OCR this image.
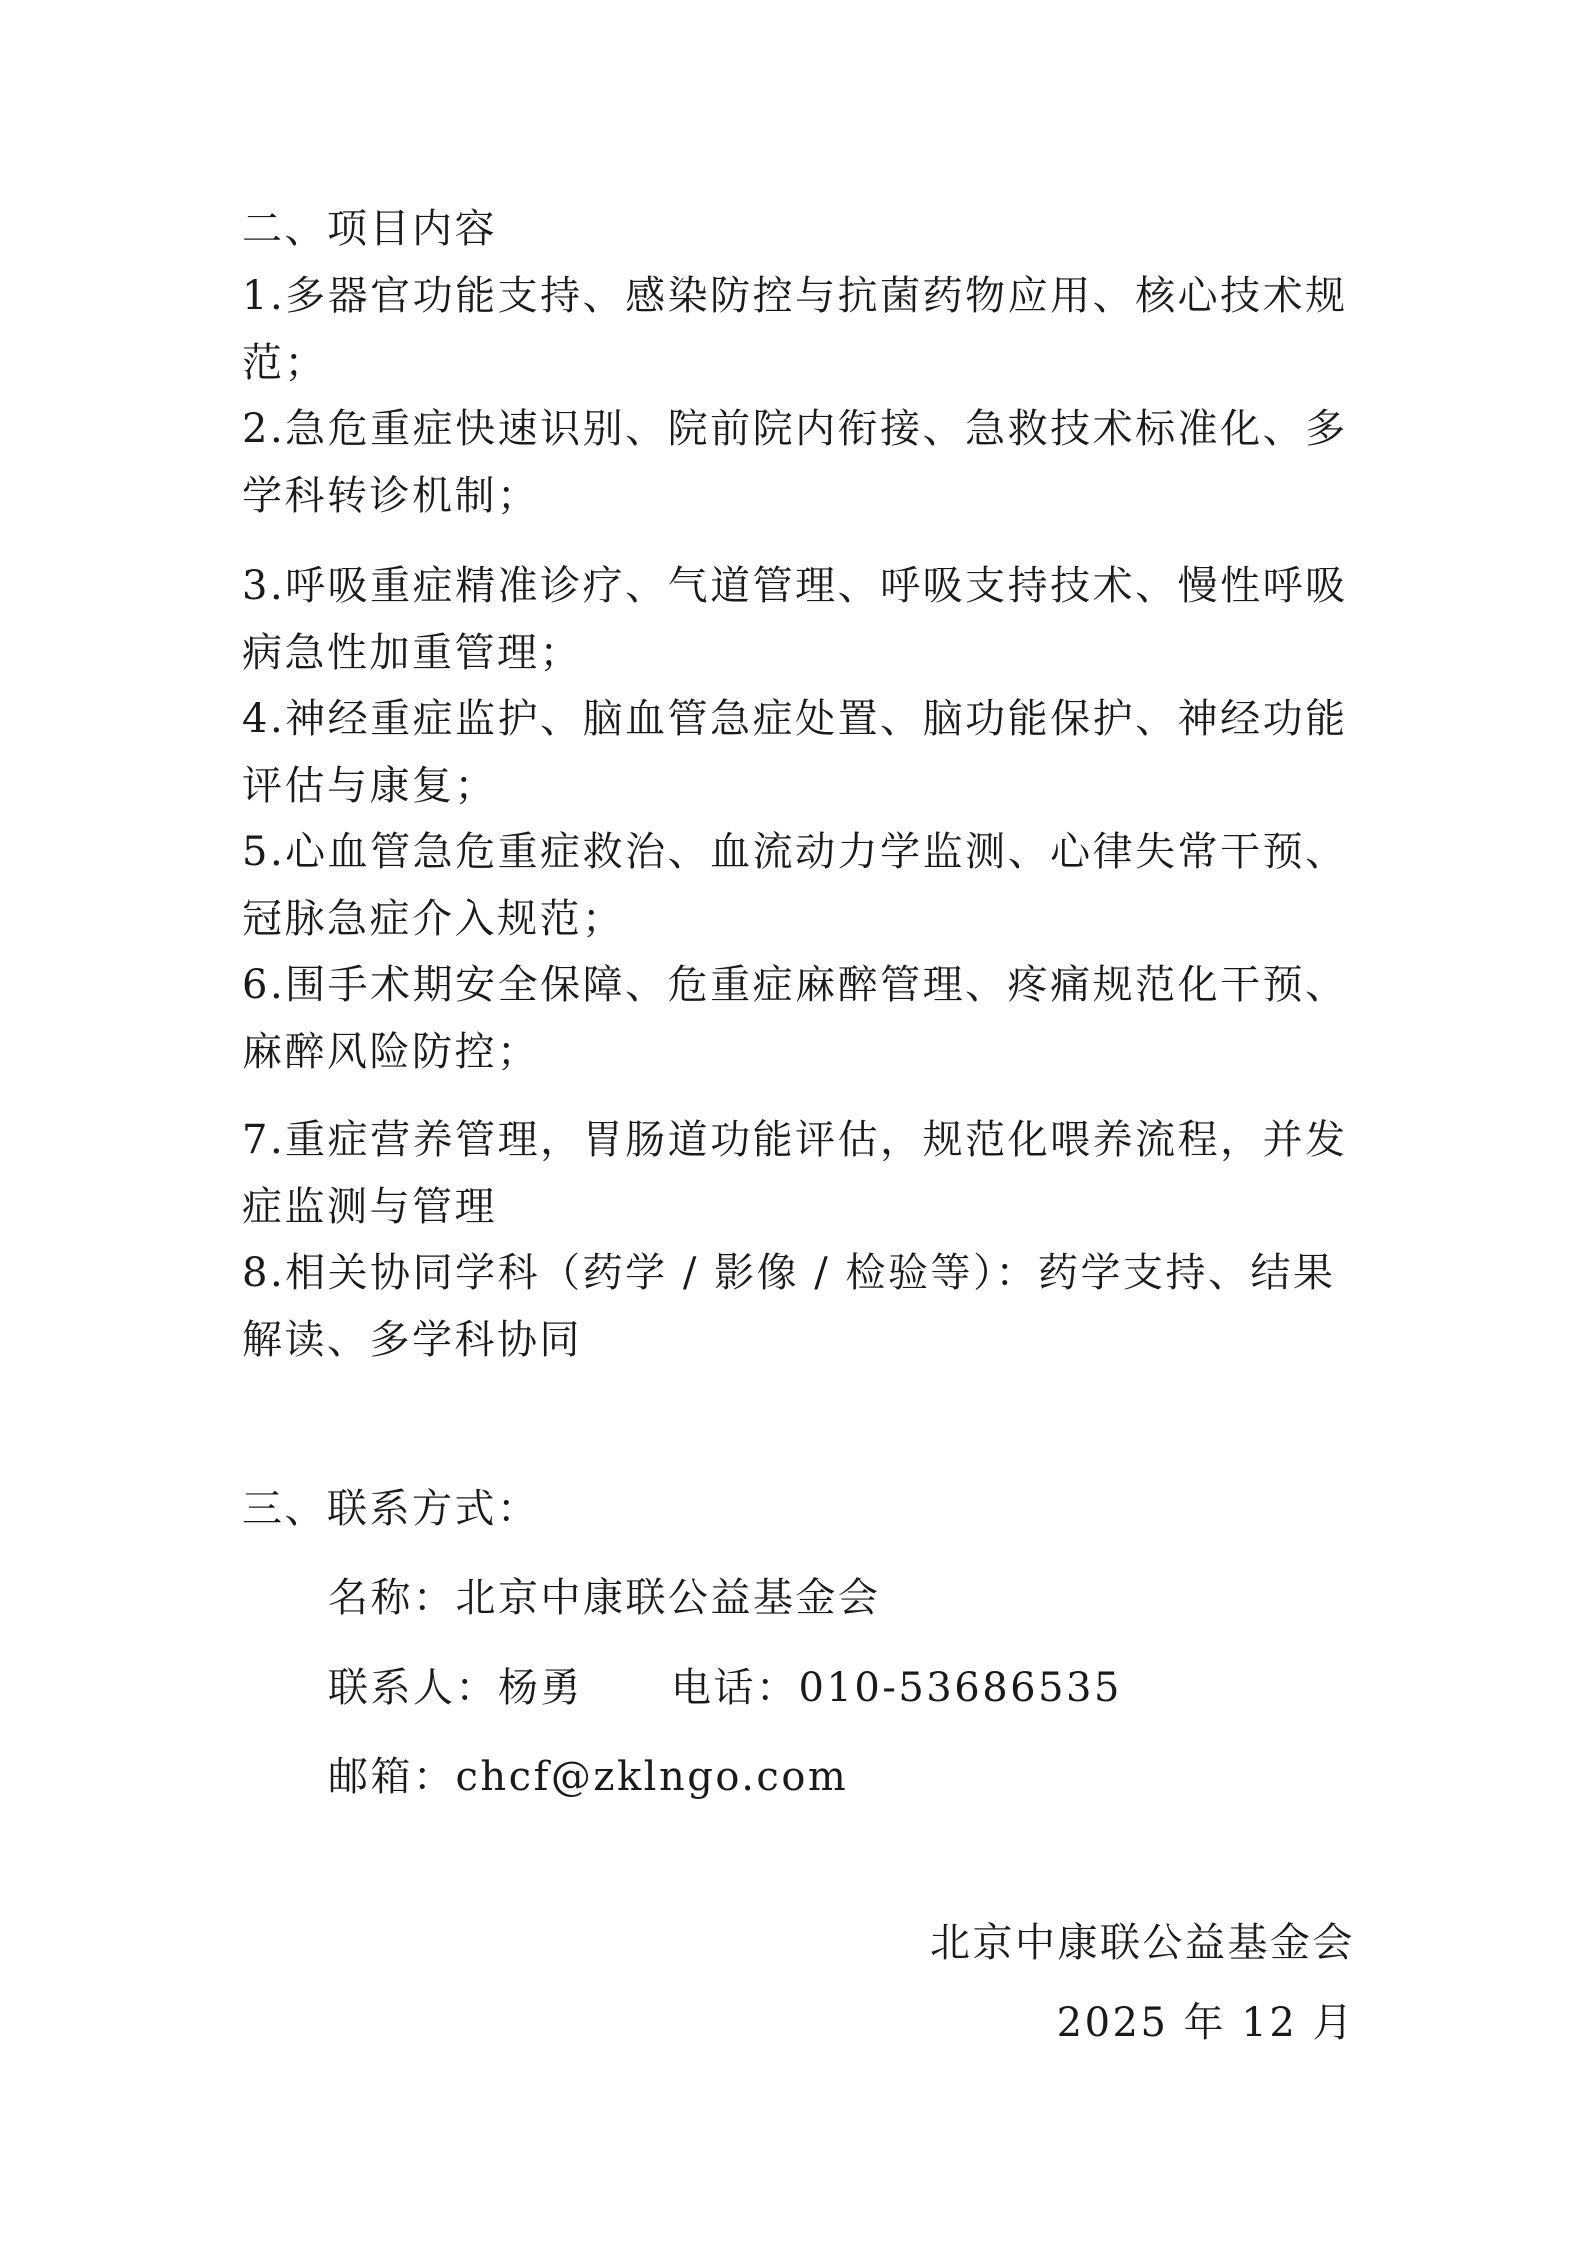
二、项目内容
1.多器官功能支持、感染防控与抗菌药物应用、核心技术规范；
2.急危重症快速识别、院前院内衔接、急救技术标准化、多学科转诊机制；
3.呼吸重症精准诊疗、气道管理、呼吸支持技术、慢性呼吸病急性加重管理；
4.神经重症监护、脑血管急症处置、脑功能保护、神经功能评估与康复；
5.心血管急危重症救治、血流动力学监测、心律失常干预、冠脉急症介入规范；
6.围手术期安全保障、危重症麻醉管理、疼痛规范化干预、麻醉风险防控；
7.重症营养管理，胃肠道功能评估，规范化喂养流程，并发症监测与管理
8.相关协同学科（药学 / 影像 / 检验等）：药学支持、结果解读、多学科协同
三、联系方式：
名称：北京中康联公益基金会
联系人：杨勇 电话：010-53686535
邮箱：chcf@zklngo.com
北京中康联公益基金会
2025 年 12 月
